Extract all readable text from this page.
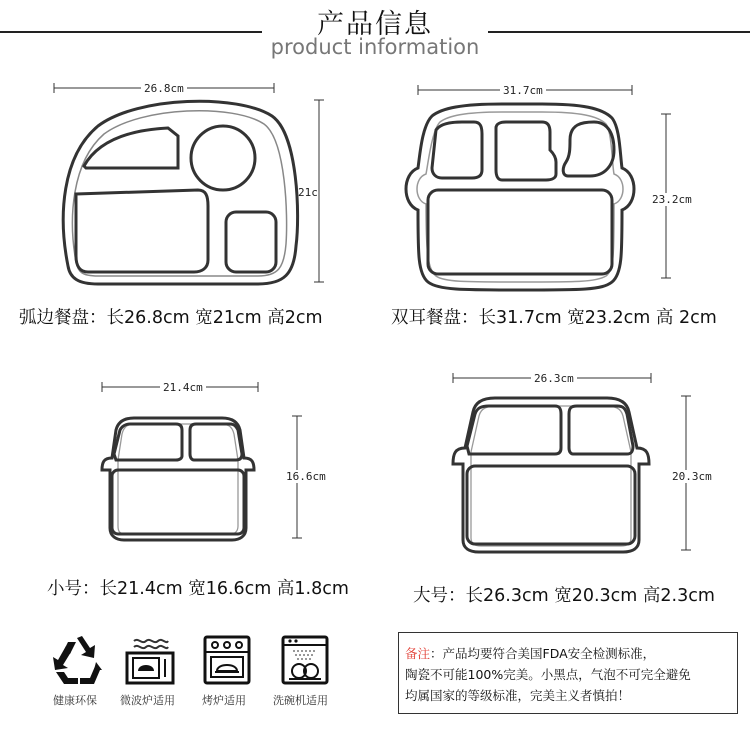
产品信息
product information
26.8cm
21c
弧边餐盘：长26.8cm 宽21cm 高2cm
31.7cm
23.2cm
双耳餐盘：长31.7cm 宽23.2cm 高 2cm
21.4cm
16.6cm
小号：长21.4cm 宽16.6cm 高1.8cm
26.3cm
20.3cm
大号：长26.3cm 宽20.3cm 高2.3cm
健康环保 微波炉适用 烤炉适用 洗碗机适用
备注：产品均要符合美国FDA安全检测标准，
陶瓷不可能100%完美。小黑点，气泡不可完全避免
均属国家的等级标准，完美主义者慎拍！
